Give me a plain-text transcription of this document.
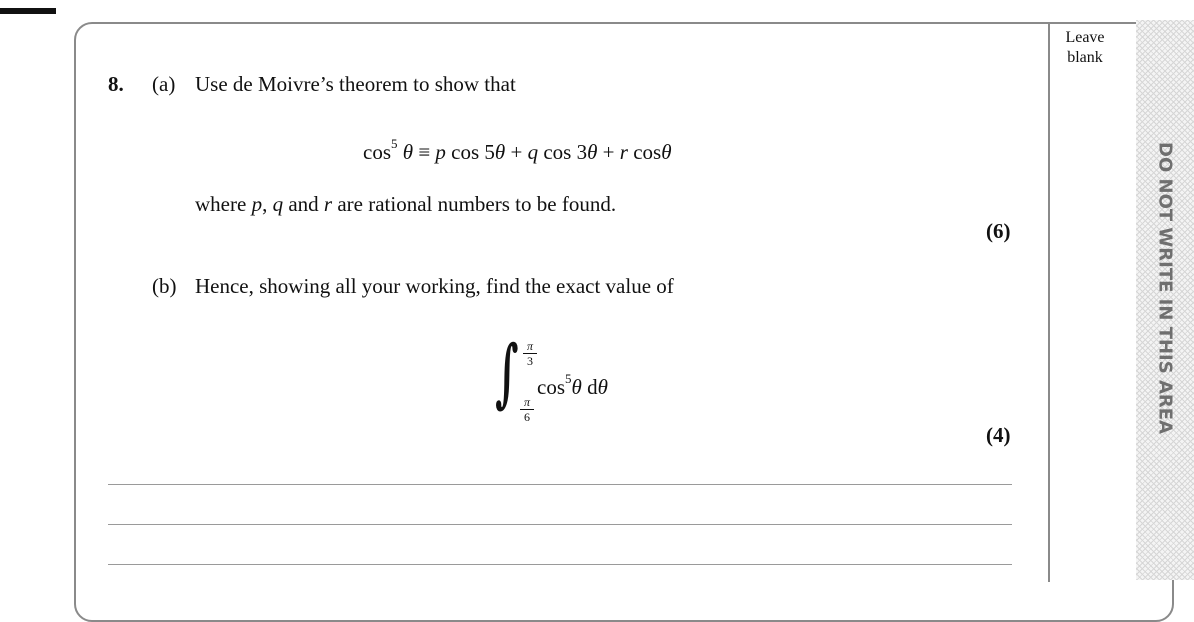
Leave
blank
DO NOT WRITE IN THIS AREA
8. (a) Use de Moivre’s theorem to show that
$\cos^5 \theta \equiv p$ cos 5θ + q cos 3θ + r cosθ
where p, q and r are rational numbers to be found.
(6)
(b) Hence, showing all your working, find the exact value of
∫ π
3
π
6
$\cos^5\theta$ dθ
(4)
